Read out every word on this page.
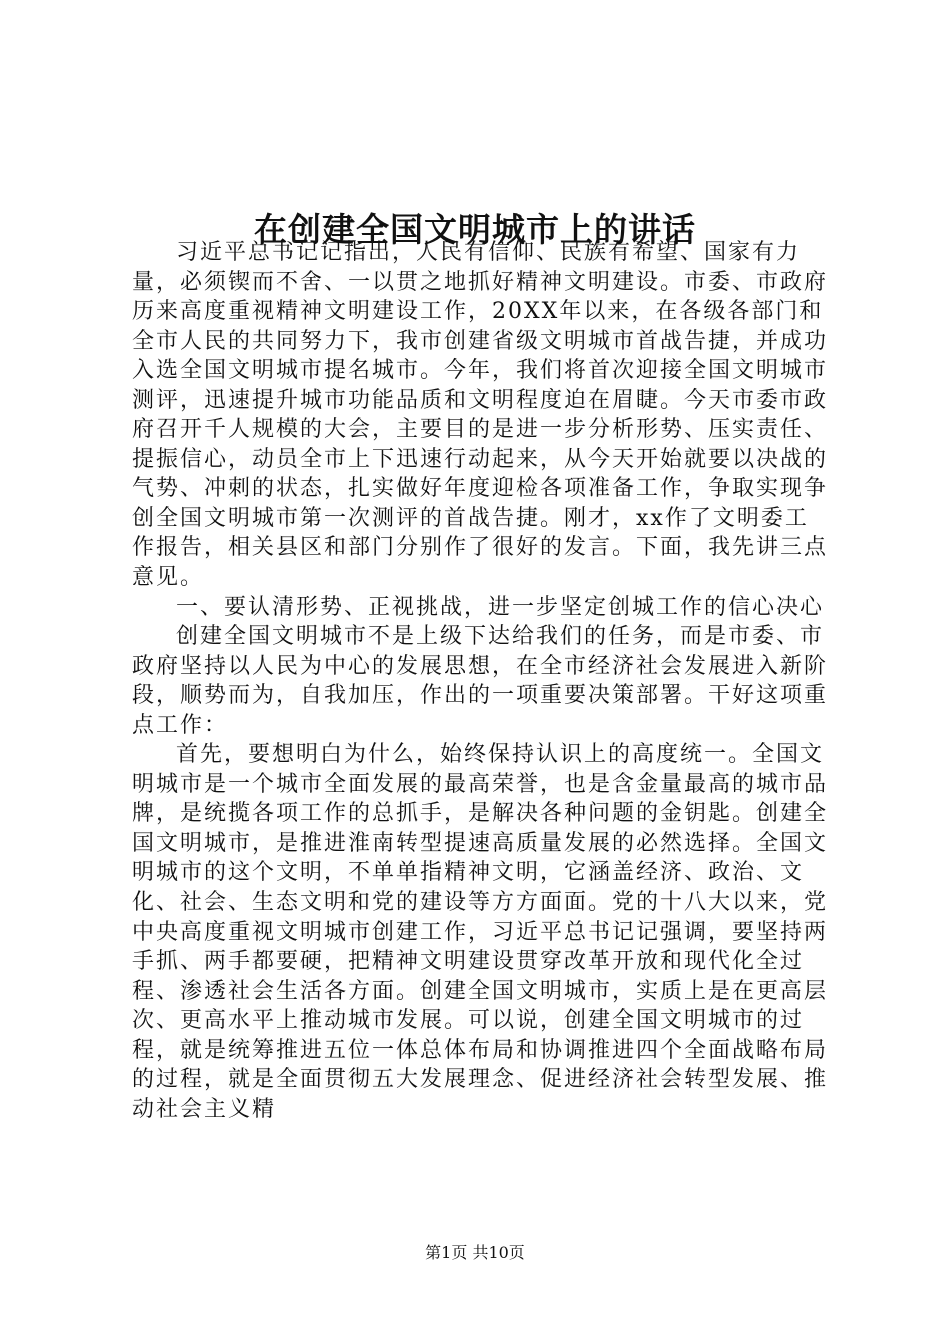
在创建全国文明城市上的讲话

习近平总书记记指出，人民有信仰、民族有希望、国家有力量，必须锲而不舍、一以贯之地抓好精神文明建设。市委、市政府历来高度重视精神文明建设工作，20XX年以来，在各级各部门和全市人民的共同努力下，我市创建省级文明城市首战告捷，并成功入选全国文明城市提名城市。今年，我们将首次迎接全国文明城市测评，迅速提升城市功能品质和文明程度迫在眉睫。今天市委市政府召开千人规模的大会，主要目的是进一步分析形势、压实责任、提振信心，动员全市上下迅速行动起来，从今天开始就要以决战的气势、冲刺的状态，扎实做好年度迎检各项准备工作，争取实现争创全国文明城市第一次测评的首战告捷。刚才，xx作了文明委工作报告，相关县区和部门分别作了很好的发言。下面，我先讲三点意见。

一、要认清形势、正视挑战，进一步坚定创城工作的信心决心

创建全国文明城市不是上级下达给我们的任务，而是市委、市政府坚持以人民为中心的发展思想，在全市经济社会发展进入新阶段，顺势而为，自我加压，作出的一项重要决策部署。干好这项重点工作：

首先，要想明白为什么，始终保持认识上的高度统一。全国文明城市是一个城市全面发展的最高荣誉，也是含金量最高的城市品牌，是统揽各项工作的总抓手，是解决各种问题的金钥匙。创建全国文明城市，是推进淮南转型提速高质量发展的必然选择。全国文明城市的这个文明，不单单指精神文明，它涵盖经济、政治、文化、社会、生态文明和党的建设等方方面面。党的十八大以来，党中央高度重视文明城市创建工作，习近平总书记记强调，要坚持两手抓、两手都要硬，把精神文明建设贯穿改革开放和现代化全过程、渗透社会生活各方面。创建全国文明城市，实质上是在更高层次、更高水平上推动城市发展。可以说，创建全国文明城市的过程，就是统筹推进五位一体总体布局和协调推进四个全面战略布局的过程，就是全面贯彻五大发展理念、促进经济社会转型发展、推动社会主义精

第1页 共10页
